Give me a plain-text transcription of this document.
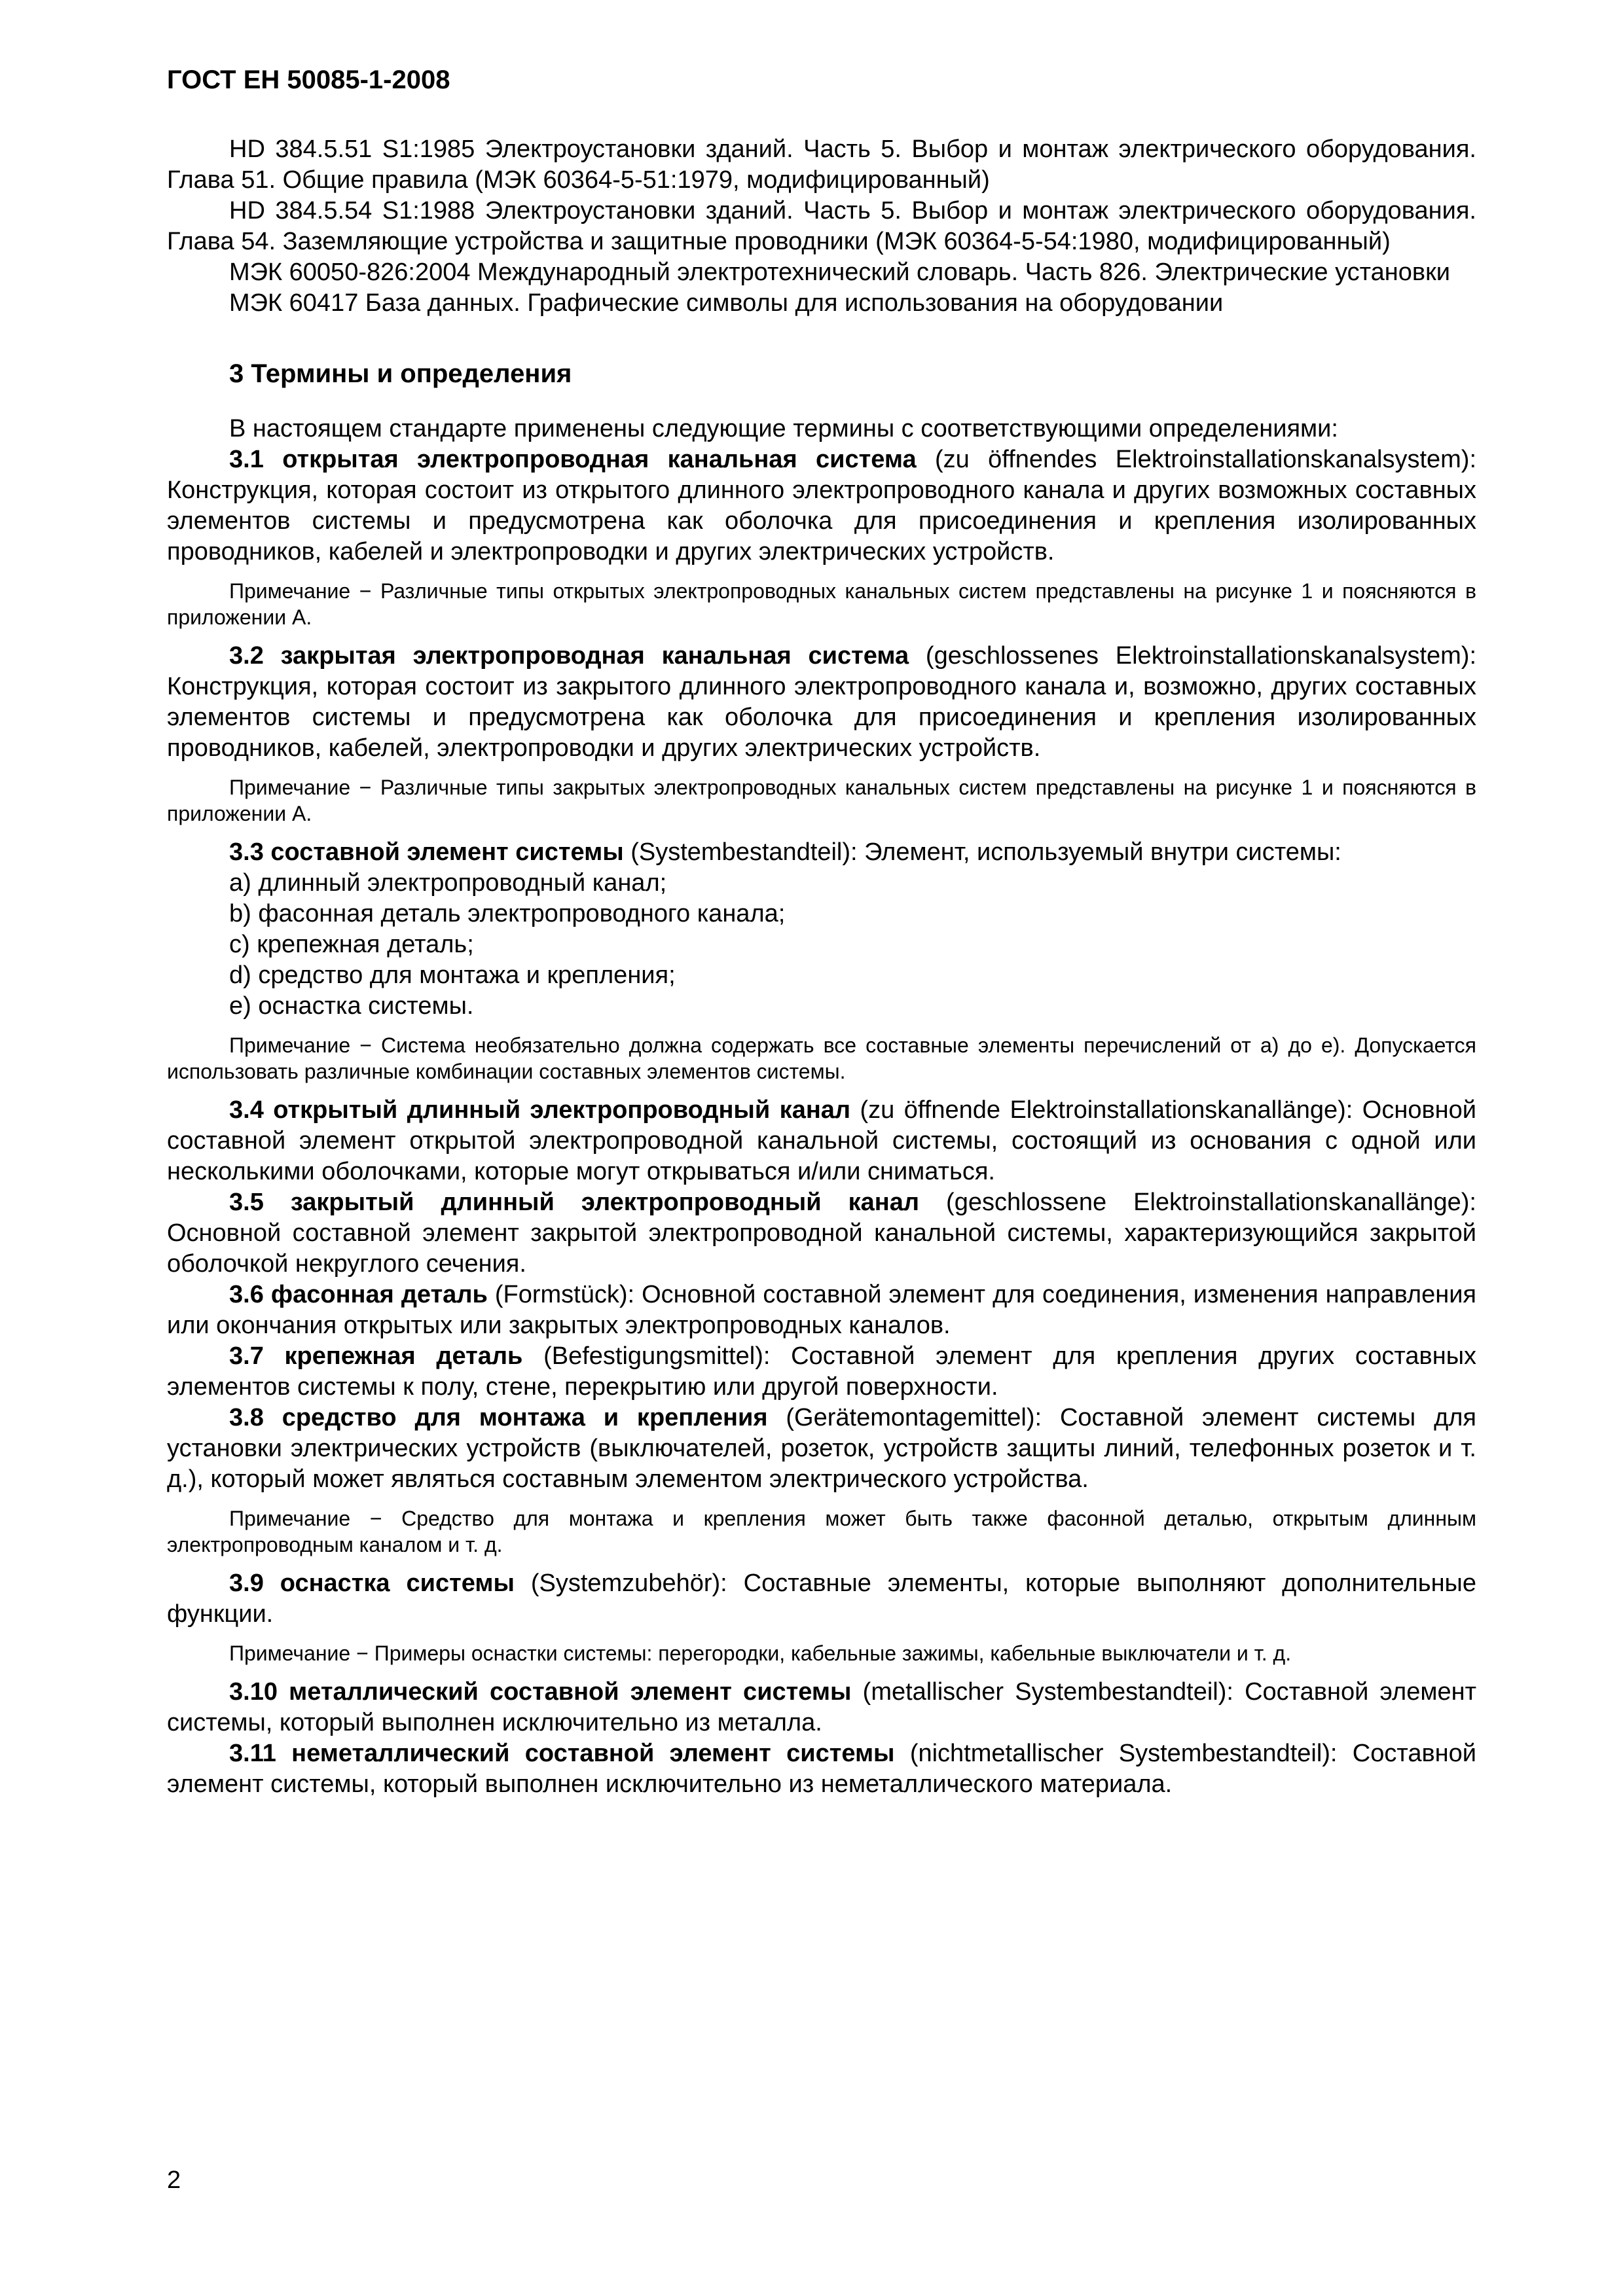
ГОСТ ЕН 50085-1-2008
HD 384.5.51 S1:1985 Электроустановки зданий. Часть 5. Выбор и монтаж электрического оборудования. Глава 51. Общие правила (МЭК 60364-5-51:1979, модифицированный)
HD 384.5.54 S1:1988 Электроустановки зданий. Часть 5. Выбор и монтаж электрического оборудования. Глава 54. Заземляющие устройства и защитные проводники (МЭК 60364-5-54:1980, модифицированный)
МЭК 60050-826:2004 Международный электротехнический словарь. Часть 826. Электрические установки
МЭК 60417 База данных. Графические символы для использования на оборудовании
3 Термины и определения
В настоящем стандарте применены следующие термины с соответствующими определениями:
3.1 открытая электропроводная канальная система (zu öffnendes Elektroinstallationskanalsystem): Конструкция, которая состоит из открытого длинного электропроводного канала и других возможных составных элементов системы и предусмотрена как оболочка для присоединения и крепления изолированных проводников, кабелей и электропроводки и других электрических устройств.
Примечание − Различные типы открытых электропроводных канальных систем представлены на рисунке 1 и поясняются в приложении А.
3.2 закрытая электропроводная канальная система (geschlossenes Elektroinstallationskanalsystem): Конструкция, которая состоит из закрытого длинного электропроводного канала и, возможно, других составных элементов системы и предусмотрена как оболочка для присоединения и крепления изолированных проводников, кабелей, электропроводки и других электрических устройств.
Примечание − Различные типы закрытых электропроводных канальных систем представлены на рисунке 1 и поясняются в приложении А.
3.3 составной элемент системы (Systembestandteil): Элемент, используемый внутри системы:
a) длинный электропроводный канал;
b) фасонная деталь электропроводного канала;
c) крепежная деталь;
d) средство для монтажа и крепления;
e) оснастка системы.
Примечание − Система необязательно должна содержать все составные элементы перечислений от a) до e). Допускается использовать различные комбинации составных элементов системы.
3.4 открытый длинный электропроводный канал (zu öffnende Elektroinstallationskanallänge): Основной составной элемент открытой электропроводной канальной системы, состоящий из основания с одной или несколькими оболочками, которые могут открываться и/или сниматься.
3.5 закрытый длинный электропроводный канал (geschlossene Elektroinstallationskanallänge): Основной составной элемент закрытой электропроводной канальной системы, характеризующийся закрытой оболочкой некруглого сечения.
3.6 фасонная деталь (Formstück): Основной составной элемент для соединения, изменения направления или окончания открытых или закрытых электропроводных каналов.
3.7 крепежная деталь (Befestigungsmittel): Составной элемент для крепления других составных элементов системы к полу, стене, перекрытию или другой поверхности.
3.8 средство для монтажа и крепления (Gerätemontagemittel): Составной элемент системы для установки электрических устройств (выключателей, розеток, устройств защиты линий, телефонных розеток и т. д.), который может являться составным элементом электрического устройства.
Примечание − Средство для монтажа и крепления может быть также фасонной деталью, открытым длинным электропроводным каналом и т. д.
3.9 оснастка системы (Systemzubehör): Составные элементы, которые выполняют дополнительные функции.
Примечание − Примеры оснастки системы: перегородки, кабельные зажимы, кабельные выключатели и т. д.
3.10 металлический составной элемент системы (metallischer Systembestandteil): Составной элемент системы, который выполнен исключительно из металла.
3.11 неметаллический составной элемент системы (nichtmetallischer Systembestandteil): Составной элемент системы, который выполнен исключительно из неметаллического материала.
2
